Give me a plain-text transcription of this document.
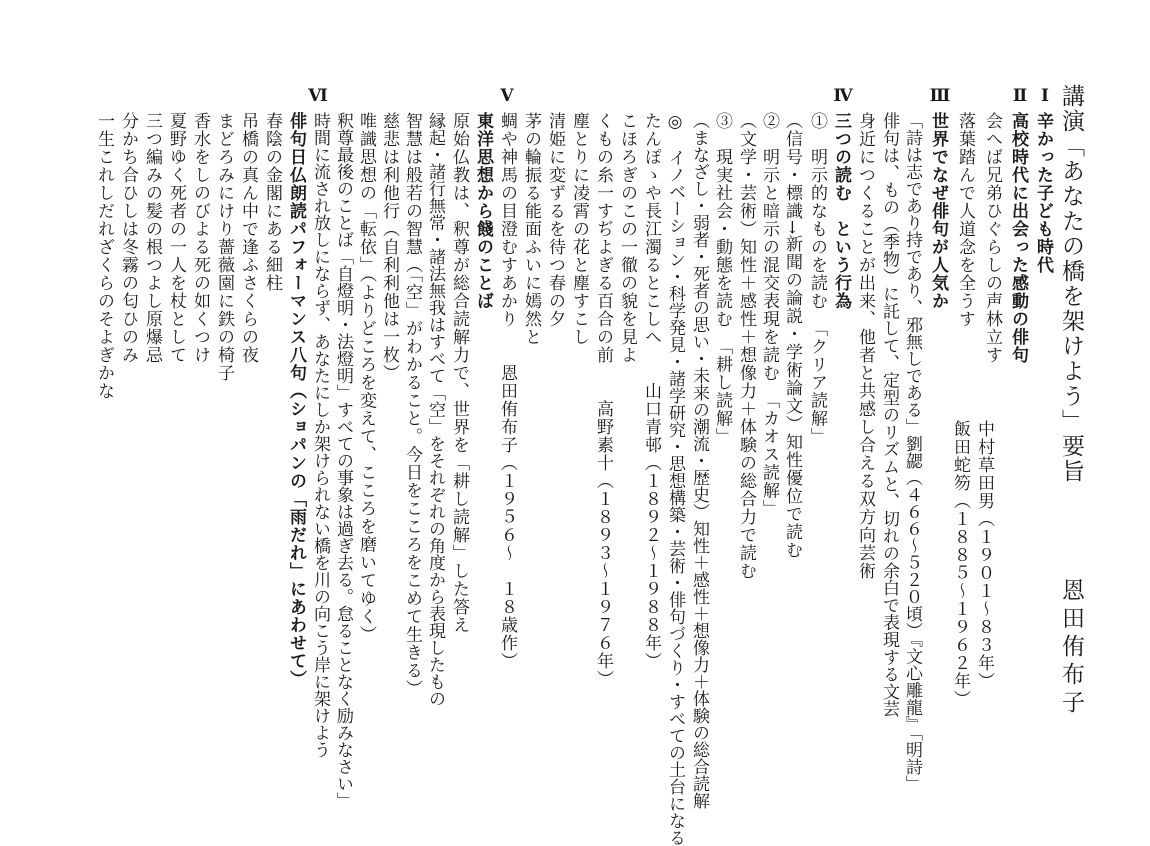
講演「あなたの橋を架けよう」要旨
恩田侑布子
Ⅰ
Ⅱ
Ⅲ
Ⅳ
Ⅴ
Ⅵ
辛かった子ども時代
高校時代に出会った感動の俳句
会へば兄弟ひぐらしの声林立す
中村草田男（１９０１〜８３年）
落葉踏んで人道念を全うす
飯田蛇笏（１８８５〜１９６２年）
世界でなぜ俳句が人気か
「詩は志であり持であり、邪無しである」劉勰（４６６〜５２０頃）『文心雕龍』「明詩」
俳句は、もの（季物）に託して、定型のリズムと、切れの余白で表現する文芸
身近につくることが出来、他者と共感し合える双方向芸術
三つの読む　という行為
①　明示的なものを読む　「クリア読解」
（信号・標識→新聞の論説・学術論文）知性優位で読む
②　明示と暗示の混交表現を読む　「カオス読解」
（文学・芸術）知性＋感性＋想像力＋体験の総合力で読む
③　現実社会・動態を読む　「耕し読解」
（まなざし・弱者・死者の思い・未来の潮流・歴史）知性＋感性＋想像力＋体験の総合読解
◎　イノベーション・科学発見・諸学研究・思想構築・芸術・俳句づくり・すべての土台になる
たんぽゝや長江濁るとこしへ　　山口青邨（１８９２〜１９８８年）
こほろぎのこの一徹の貌を見よ
くもの糸一すぢよぎる百合の前　　高野素十（１８９３〜１９７６年）
塵とりに凌霄の花と塵すこし
清姫に変ずるを待つ春の夕
茅の輪振る能面ふいに嫣然と
蜩や神馬の目澄むすあかり　　恩田侑布子（１９５６〜　１８歳作）
東洋思想から餞のことば
原始仏教は、釈尊が総合読解力で、世界を「耕し読解」した答え
縁起・諸行無常・諸法無我はすべて「空」をそれぞれの角度から表現したもの
智慧は般若の智慧（「空」がわかること。今日をこころをこめて生きる）
慈悲は利他行（自利利他は一枚）
唯識思想の「転依」（よりどころを変えて、こころを磨いてゆく）
釈尊最後のことば「自燈明・法燈明」すべての事象は過ぎ去る。怠ることなく励みなさい」
時間に流され放しにならず、あなたにしか架けられない橋を川の向こう岸に架けよう
俳句日仏朗読パフォーマンス八句（ショパンの「雨だれ」にあわせて）
春陰の金閣にある細柱
吊橋の真ん中で逢ふさくらの夜
まどろみにけり薔薇園に鉄の椅子
香水をしのびよる死の如くつけ
夏野ゆく死者の一人を杖として
三つ編みの髪の根つよし原爆忌
分かち合ひしは冬霧の匂ひのみ
一生これしだれざくらのそよぎかな
